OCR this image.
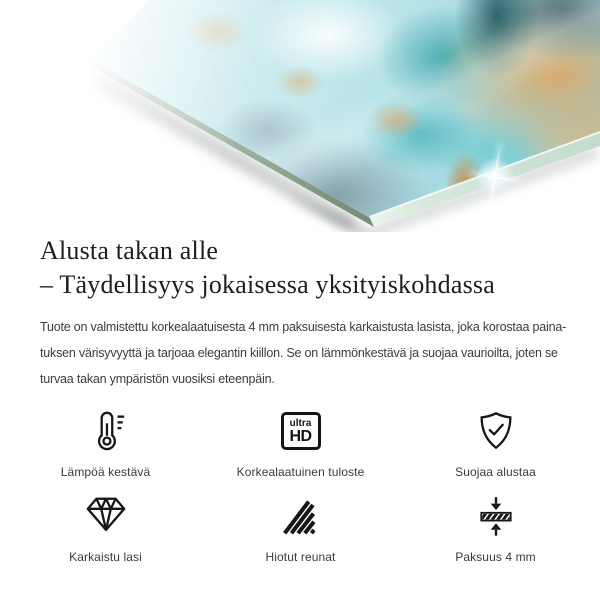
Alusta takan alle
– Täydellisyys jokaisessa yksityiskohdassa
Tuote on valmistettu korkealaatuisesta 4 mm paksuisesta karkaistusta lasista, joka korostaa paina-
tuksen värisyvyyttä ja tarjoaa elegantin kiillon. Se on lämmönkestävä ja suojaa vaurioilta, joten se
turvaa takan ympäristön vuosiksi eteenpäin.
Lämpöä kestävä
ultra
HD
Korkealaatuinen tuloste	Suojaa alustaa
Karkaistu lasi	Hiotut reunat	Paksuus 4 mm
